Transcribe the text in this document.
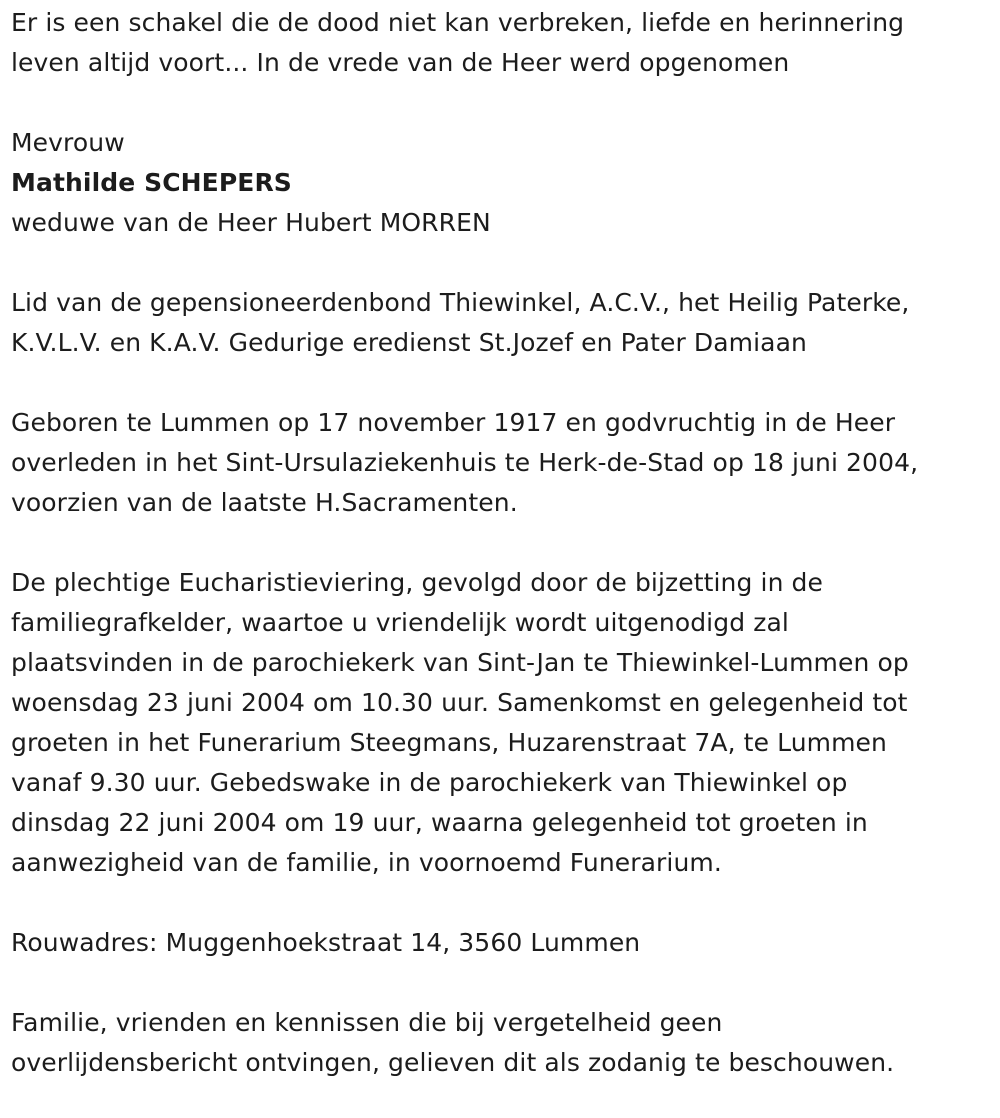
Er is een schakel die de dood niet kan verbreken, liefde en herinnering
leven altijd voort... In de vrede van de Heer werd opgenomen
Mevrouw
Mathilde SCHEPERS
weduwe van de Heer Hubert MORREN
Lid van de gepensioneerdenbond Thiewinkel, A.C.V., het Heilig Paterke,
K.V.L.V. en K.A.V. Gedurige eredienst St.Jozef en Pater Damiaan
Geboren te Lummen op 17 november 1917 en godvruchtig in de Heer
overleden in het Sint-Ursulaziekenhuis te Herk-de-Stad op 18 juni 2004,
voorzien van de laatste H.Sacramenten.
De plechtige Eucharistieviering, gevolgd door de bijzetting in de
familiegrafkelder, waartoe u vriendelijk wordt uitgenodigd zal
plaatsvinden in de parochiekerk van Sint-Jan te Thiewinkel-Lummen op
woensdag 23 juni 2004 om 10.30 uur. Samenkomst en gelegenheid tot
groeten in het Funerarium Steegmans, Huzarenstraat 7A, te Lummen
vanaf 9.30 uur. Gebedswake in de parochiekerk van Thiewinkel op
dinsdag 22 juni 2004 om 19 uur, waarna gelegenheid tot groeten in
aanwezigheid van de familie, in voornoemd Funerarium.
Rouwadres: Muggenhoekstraat 14, 3560 Lummen
Familie, vrienden en kennissen die bij vergetelheid geen
overlijdensbericht ontvingen, gelieven dit als zodanig te beschouwen.
